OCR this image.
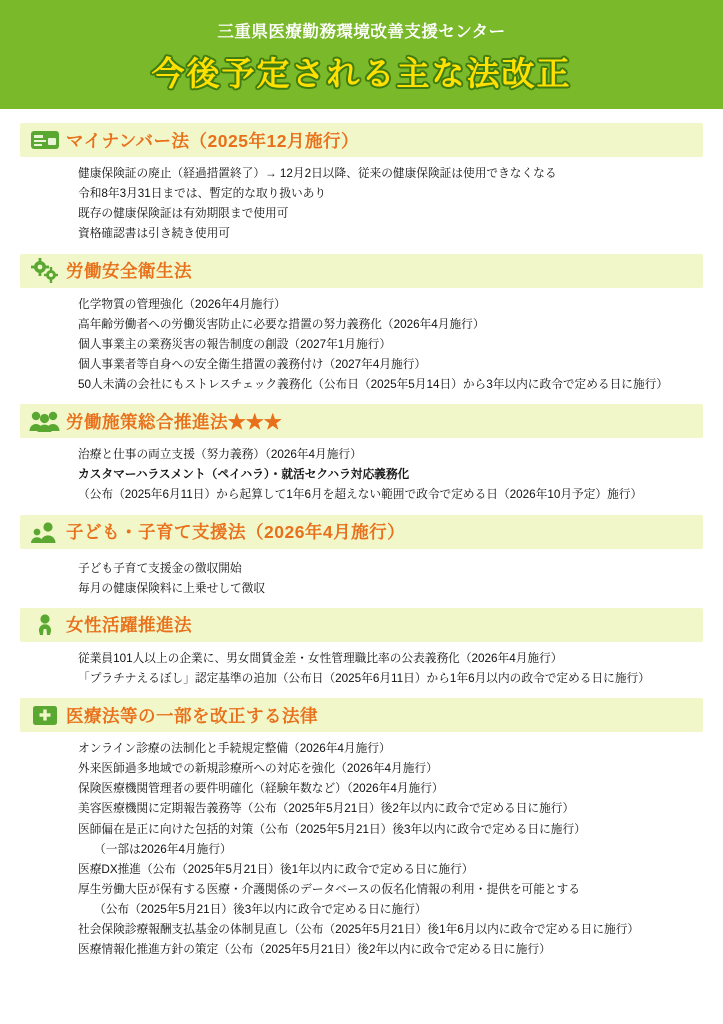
三重県医療勤務環境改善支援センター
今後予定される主な法改正
マイナンバー法（2025年12月施行）
健康保険証の廃止（経過措置終了）→ 12月2日以降、従来の健康保険証は使用できなくなる
令和8年3月31日までは、暫定的な取り扱いあり
既存の健康保険証は有効期限まで使用可
資格確認書は引き続き使用可
労働安全衛生法
化学物質の管理強化（2026年4月施行）
高年齢労働者への労働災害防止に必要な措置の努力義務化（2026年4月施行）
個人事業主の業務災害の報告制度の創設（2027年1月施行）
個人事業者等自身への安全衛生措置の義務付け（2027年4月施行）
50人未満の会社にもストレスチェック義務化（公布日（2025年5月14日）から3年以内に政令で定める日に施行）
労働施策総合推進法★★★
治療と仕事の両立支援（努力義務）（2026年4月施行）
カスタマーハラスメント（ペイハラ）・就活セクハラ対応義務化
（公布（2025年6月11日）から起算して1年6月を超えない範囲で政令で定める日（2026年10月予定）施行）
子ども・子育て支援法（2026年4月施行）
子ども子育て支援金の徴収開始
毎月の健康保険料に上乗せして徴収
女性活躍推進法
従業員101人以上の企業に、男女間賃金差・女性管理職比率の公表義務化（2026年4月施行）
「プラチナえるぼし」認定基準の追加（公布日（2025年6月11日）から1年6月以内の政令で定める日に施行）
医療法等の一部を改正する法律
オンライン診療の法制化と手続規定整備（2026年4月施行）
外来医師過多地域での新規診療所への対応を強化（2026年4月施行）
保険医療機関管理者の要件明確化（経験年数など）（2026年4月施行）
美容医療機関に定期報告義務等（公布（2025年5月21日）後2年以内に政令で定める日に施行）
医師偏在是正に向けた包括的対策（公布（2025年5月21日）後3年以内に政令で定める日に施行）
（一部は2026年4月施行）
医療DX推進（公布（2025年5月21日）後1年以内に政令で定める日に施行）
厚生労働大臣が保有する医療・介護関係のデータベースの仮名化情報の利用・提供を可能とする
（公布（2025年5月21日）後3年以内に政令で定める日に施行）
社会保険診療報酬支払基金の体制見直し（公布（2025年5月21日）後1年6月以内に政令で定める日に施行）
医療情報化推進方針の策定（公布（2025年5月21日）後2年以内に政令で定める日に施行）
